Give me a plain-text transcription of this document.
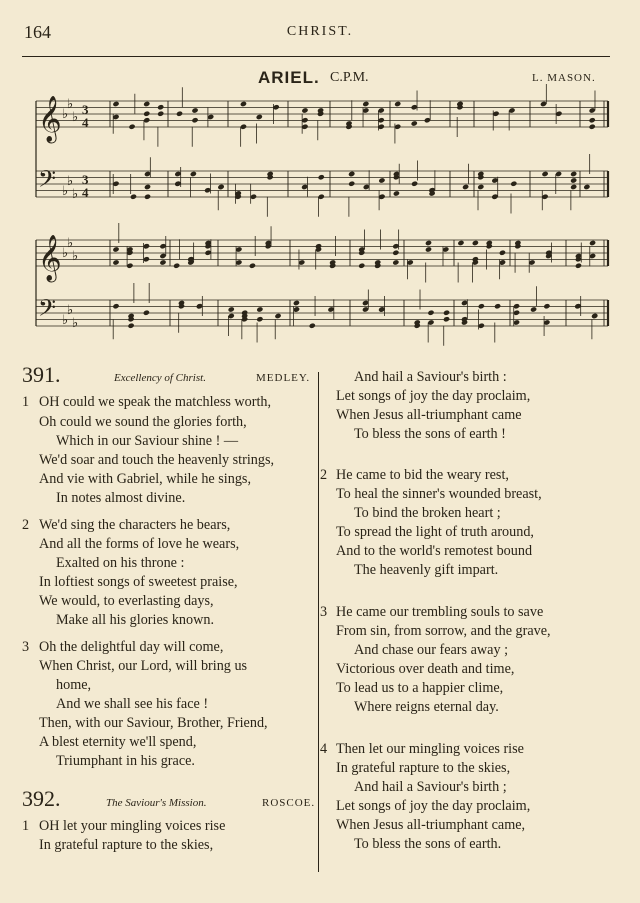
164	CHRIST.
ARIEL. C.P.M.	L. MASON.
𝄞 ♭
♭
♭
3
4
𝄢 ♭
♭
♭
3
4
𝄞 ♭
♭
♭
𝄢 ♭
♭
♭
391.	Excellency of Christ.	MEDLEY.
392.	The Saviour's Mission.	ROSCOE.
1 OH could we speak the matchless worth,
Oh could we sound the glories forth,
Which in our Saviour shine ! —
We'd soar and touch the heavenly strings,
And vie with Gabriel, while he sings,
In notes almost divine.
2 We'd sing the characters he bears,
And all the forms of love he wears,
Exalted on his throne :
In loftiest songs of sweetest praise,
We would, to everlasting days,
Make all his glories known.
3 Oh the delightful day will come,
When Christ, our Lord, will bring us
home,
And we shall see his face !
Then, with our Saviour, Brother, Friend,
A blest eternity we'll spend,
Triumphant in his grace.
1 OH let your mingling voices rise
In grateful rapture to the skies,
And hail a Saviour's birth :
Let songs of joy the day proclaim,
When Jesus all-triumphant came
To bless the sons of earth !
2 He came to bid the weary rest,
To heal the sinner's wounded breast,
To bind the broken heart ;
To spread the light of truth around,
And to the world's remotest bound
The heavenly gift impart.
3 He came our trembling souls to save
From sin, from sorrow, and the grave,
And chase our fears away ;
Victorious over death and time,
To lead us to a happier clime,
Where reigns eternal day.
4 Then let our mingling voices rise
In grateful rapture to the skies,
And hail a Saviour's birth ;
Let songs of joy the day proclaim,
When Jesus all-triumphant came,
To bless the sons of earth.
